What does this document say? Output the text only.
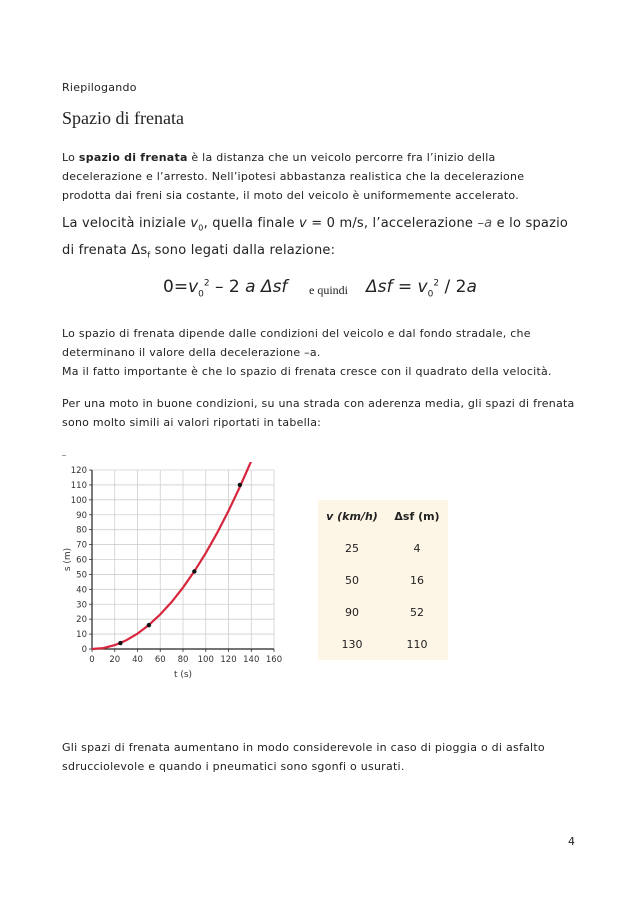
Riepilogando
Spazio di frenata
Lo spazio di frenata è la distanza che un veicolo percorre fra l’inizio della decelerazione e l’arresto. Nell’ipotesi abbastanza realistica che la decelerazione prodotta dai freni sia costante, il moto del veicolo è uniformemente accelerato.
La velocità iniziale $v_0$, quella finale v = 0 m/s, l’accelerazione –a e lo spazio di frenata $\Delta s_f$ sono legati dalla relazione:
$0=v_0^2 - 2$ a Δsf e quindi $\Delta sf = v_0^2 / 2a$
Lo spazio di frenata dipende dalle condizioni del veicolo e dal fondo stradale, che
determinano il valore della decelerazione –a.
Ma il fatto importante è che lo spazio di frenata cresce con il quadrato della velocità.
Per una moto in buone condizioni, su una strada con aderenza media, gli spazi di frenata
sono molto simili ai valori riportati in tabella:
0 20 40 60 80 100 120 140 160
0
10
20
30
40
50
60
70
80
90
100
110
120
t (s)
s (m)
v (km/h)	Δsf (m)
25	4
50	16
90	52
130	110
Gli spazi di frenata aumentano in modo considerevole in caso di pioggia o di asfalto
sdrucciolevole e quando i pneumatici sono sgonfi o usurati.
4
